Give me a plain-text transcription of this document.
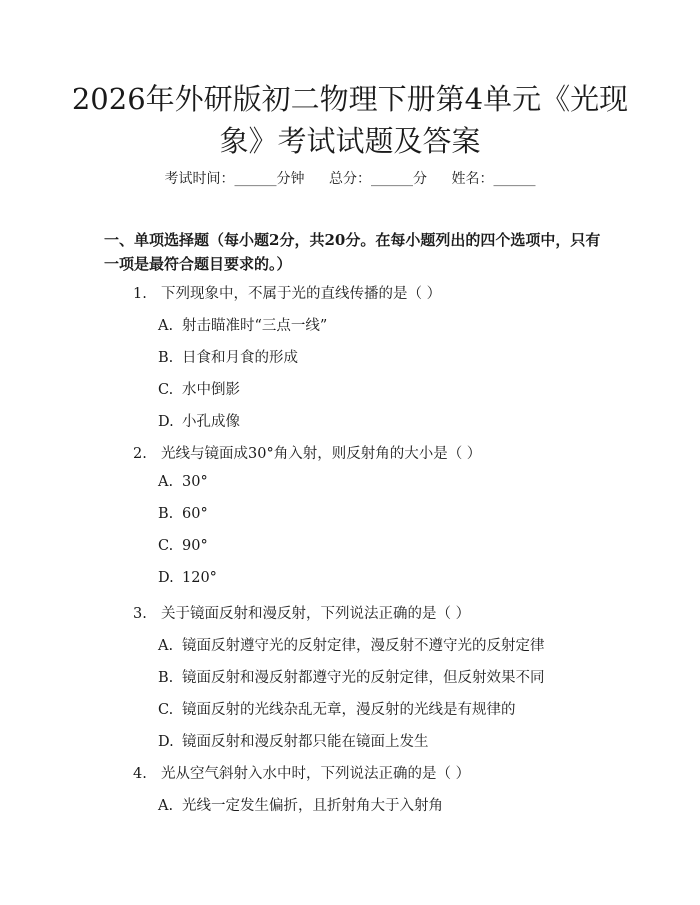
2026年外研版初二物理下册第4单元《光现象》考试试题及答案
考试时间：______分钟 总分：______分 姓名：______
一、单项选择题（每小题2分，共20分。在每小题列出的四个选项中，只有一项是最符合题目要求的。）
1. 下列现象中，不属于光的直线传播的是（ ）
A. 射击瞄准时“三点一线”
B. 日食和月食的形成
C. 水中倒影
D. 小孔成像
2. 光线与镜面成30°角入射，则反射角的大小是（ ）
A. 30°
B. 60°
C. 90°
D. 120°
3. 关于镜面反射和漫反射，下列说法正确的是（ ）
A. 镜面反射遵守光的反射定律，漫反射不遵守光的反射定律
B. 镜面反射和漫反射都遵守光的反射定律，但反射效果不同
C. 镜面反射的光线杂乱无章，漫反射的光线是有规律的
D. 镜面反射和漫反射都只能在镜面上发生
4. 光从空气斜射入水中时，下列说法正确的是（ ）
A. 光线一定发生偏折，且折射角大于入射角
